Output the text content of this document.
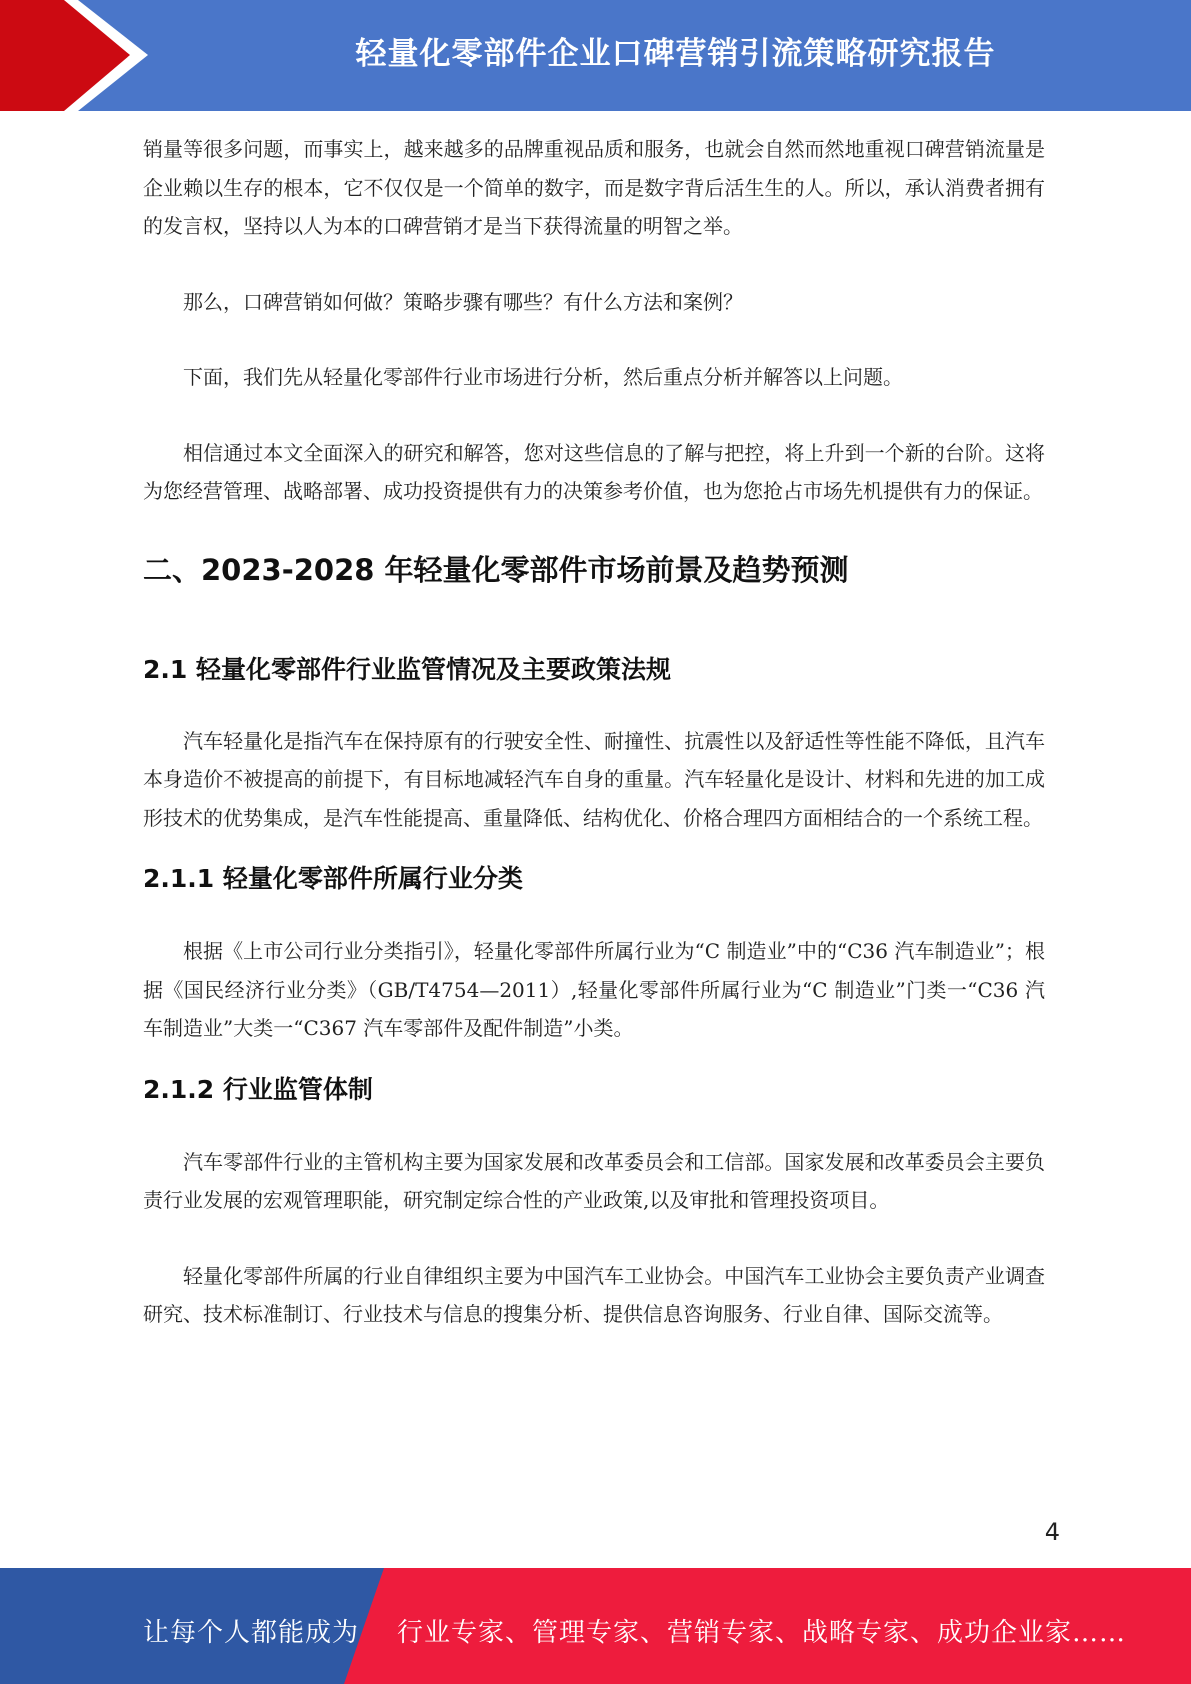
轻量化零部件企业口碑营销引流策略研究报告

销量等很多问题，而事实上，越来越多的品牌重视品质和服务，也就会自然而然地重视口碑营销流量是企业赖以生存的根本，它不仅仅是一个简单的数字，而是数字背后活生生的人。所以，承认消费者拥有的发言权，坚持以人为本的口碑营销才是当下获得流量的明智之举。

那么，口碑营销如何做？策略步骤有哪些？有什么方法和案例？

下面，我们先从轻量化零部件行业市场进行分析，然后重点分析并解答以上问题。

相信通过本文全面深入的研究和解答，您对这些信息的了解与把控，将上升到一个新的台阶。这将为您经营管理、战略部署、成功投资提供有力的决策参考价值，也为您抢占市场先机提供有力的保证。

二、2023-2028 年轻量化零部件市场前景及趋势预测
2.1 轻量化零部件行业监管情况及主要政策法规

汽车轻量化是指汽车在保持原有的行驶安全性、耐撞性、抗震性以及舒适性等性能不降低，且汽车本身造价不被提高的前提下，有目标地减轻汽车自身的重量。汽车轻量化是设计、材料和先进的加工成形技术的优势集成，是汽车性能提高、重量降低、结构优化、价格合理四方面相结合的一个系统工程。

2.1.1 轻量化零部件所属行业分类

根据《上市公司行业分类指引》，轻量化零部件所属行业为“C 制造业”中的“C36 汽车制造业”；根据《国民经济行业分类》（GB/T4754—2011）,轻量化零部件所属行业为“C 制造业”门类一“C36 汽车制造业”大类一“C367 汽车零部件及配件制造”小类。

2.1.2 行业监管体制

汽车零部件行业的主管机构主要为国家发展和改革委员会和工信部。国家发展和改革委员会主要负责行业发展的宏观管理职能，研究制定综合性的产业政策,以及审批和管理投资项目。

轻量化零部件所属的行业自律组织主要为中国汽车工业协会。中国汽车工业协会主要负责产业调查研究、技术标准制订、行业技术与信息的搜集分析、提供信息咨询服务、行业自律、国际交流等。

4
让每个人都能成为 行业专家、管理专家、营销专家、战略专家、成功企业家……
